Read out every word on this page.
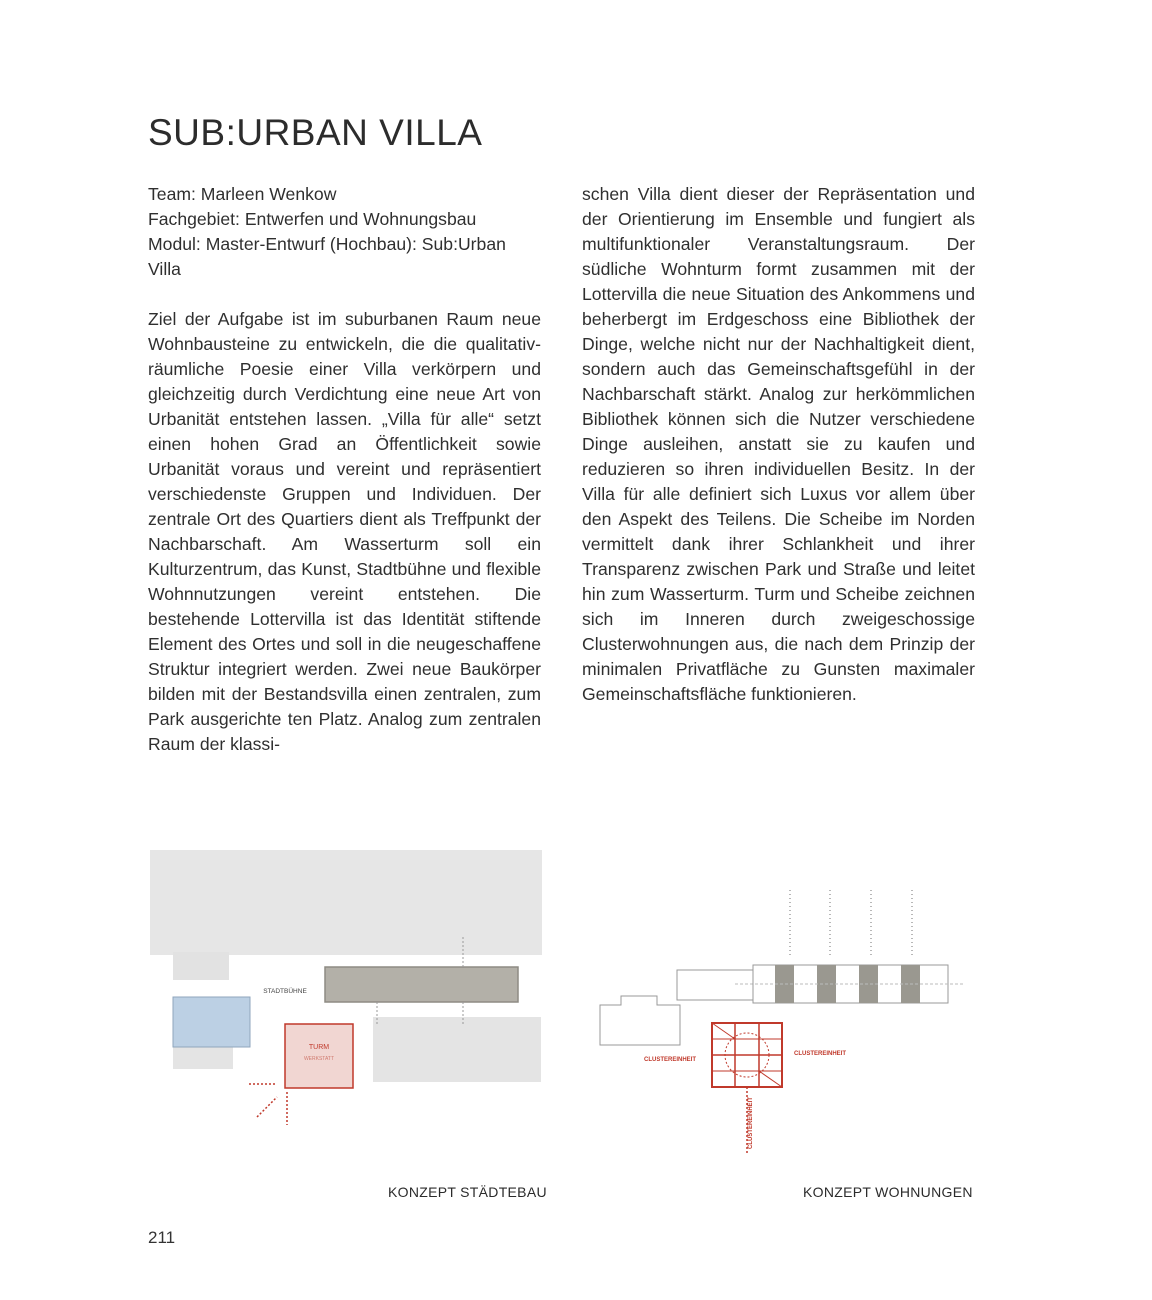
SUB:URBAN VILLA

Team: Marleen Wenkow
Fachgebiet: Entwerfen und Wohnungsbau
Modul: Master-Entwurf (Hochbau): Sub:Urban Villa

Ziel der Aufgabe ist im suburbanen Raum neue Wohnbausteine zu entwickeln, die die qualitativ-räumliche Poesie einer Villa verkörpern und gleichzeitig durch Verdichtung eine neue Art von Urbanität entstehen lassen. „Villa für alle“ setzt einen hohen Grad an Öffentlichkeit sowie Urbanität voraus und vereint und repräsentiert verschiedenste Gruppen und Individuen. Der zentrale Ort des Quartiers dient als Treffpunkt der Nachbarschaft. Am Wasserturm soll ein Kulturzentrum, das Kunst, Stadtbühne und flexible Wohnnutzungen vereint entstehen. Die bestehende Lottervilla ist das Identität stiftende Element des Ortes und soll in die neugeschaffene Struktur integriert werden. Zwei neue Baukörper bilden mit der Bestandsvilla einen zentralen, zum Park ausgerichte ten Platz. Analog zum zentralen Raum der klassi-

schen Villa dient dieser der Repräsentation und der Orientierung im Ensemble und fungiert als multifunktionaler Veranstaltungsraum. Der südliche Wohnturm formt zusammen mit der Lottervilla die neue Situation des Ankommens und beherbergt im Erdgeschoss eine Bibliothek der Dinge, welche nicht nur der Nachhaltigkeit dient, sondern auch das Gemeinschaftsgefühl in der Nachbarschaft stärkt. Analog zur herkömmlichen Bibliothek können sich die Nutzer verschiedene Dinge ausleihen, anstatt sie zu kaufen und reduzieren so ihren individuellen Besitz. In der Villa für alle definiert sich Luxus vor allem über den Aspekt des Teilens. Die Scheibe im Norden vermittelt dank ihrer Schlankheit und ihrer Transparenz zwischen Park und Straße und leitet hin zum Wasserturm. Turm und Scheibe zeichnen sich im Inneren durch zweigeschossige Clusterwohnungen aus, die nach dem Prinzip der minimalen Privatfläche zu Gunsten maximaler Gemeinschaftsfläche funktionieren.

TURM
WERKSTATT
STADTBÜHNE
CLUSTEREINHEIT
CLUSTEREINHEIT
CLUSTEREINHEIT
KONZEPT STÄDTEBAU	KONZEPT WOHNUNGEN
211
